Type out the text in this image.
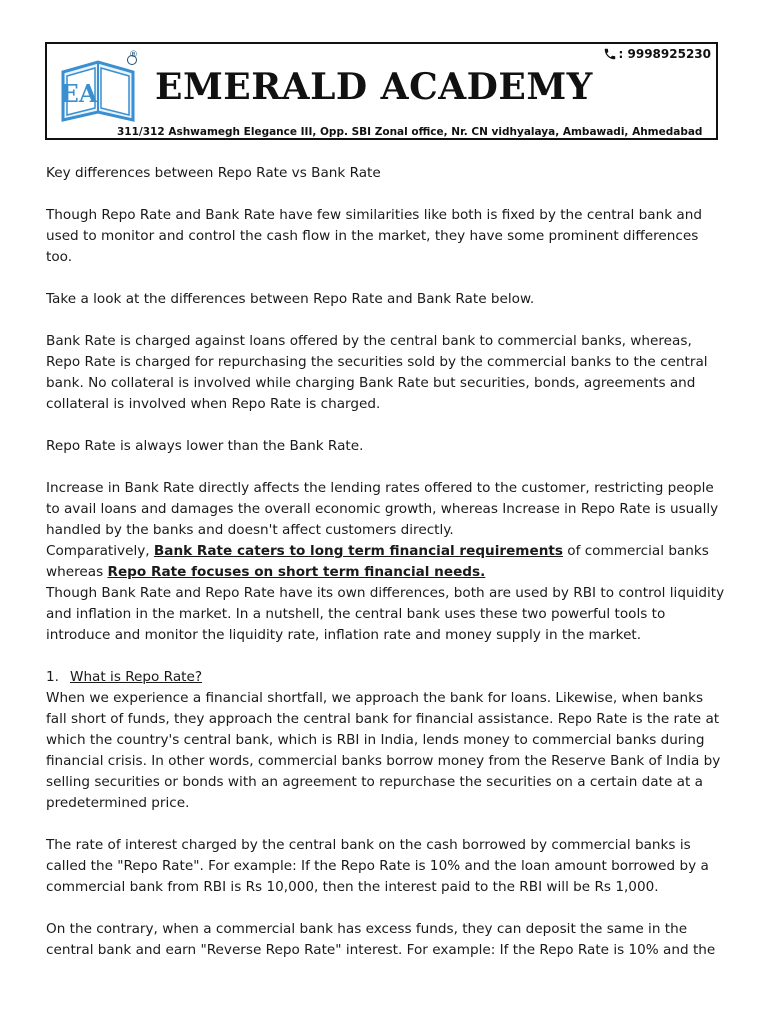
EA
®	: 9998925230
EMERALD ACADEMY
311/312 Ashwamegh Elegance III, Opp. SBI Zonal office, Nr. CN vidhyalaya, Ambawadi, Ahmedabad

Key differences between Repo Rate vs Bank Rate

Though Repo Rate and Bank Rate have few similarities like both is fixed by the central bank and used to monitor and control the cash flow in the market, they have some prominent differences too.

Take a look at the differences between Repo Rate and Bank Rate below.

Bank Rate is charged against loans offered by the central bank to commercial banks, whereas, Repo Rate is charged for repurchasing the securities sold by the commercial banks to the central bank. No collateral is involved while charging Bank Rate but securities, bonds, agreements and collateral is involved when Repo Rate is charged.

Repo Rate is always lower than the Bank Rate.

Increase in Bank Rate directly affects the lending rates offered to the customer, restricting people to avail loans and damages the overall economic growth, whereas Increase in Repo Rate is usually handled by the banks and doesn't affect customers directly.

Comparatively, Bank Rate caters to long term financial requirements of commercial banks whereas Repo Rate focuses on short term financial needs.

Though Bank Rate and Repo Rate have its own differences, both are used by RBI to control liquidity and inflation in the market. In a nutshell, the central bank uses these two powerful tools to introduce and monitor the liquidity rate, inflation rate and money supply in the market.

1. What is Repo Rate?

When we experience a financial shortfall, we approach the bank for loans. Likewise, when banks fall short of funds, they approach the central bank for financial assistance. Repo Rate is the rate at which the country's central bank, which is RBI in India, lends money to commercial banks during financial crisis. In other words, commercial banks borrow money from the Reserve Bank of India by selling securities or bonds with an agreement to repurchase the securities on a certain date at a predetermined price.

The rate of interest charged by the central bank on the cash borrowed by commercial banks is called the "Repo Rate". For example: If the Repo Rate is 10% and the loan amount borrowed by a commercial bank from RBI is Rs 10,000, then the interest paid to the RBI will be Rs 1,000.

On the contrary, when a commercial bank has excess funds, they can deposit the same in the central bank and earn "Reverse Repo Rate" interest. For example: If the Repo Rate is 10% and the
